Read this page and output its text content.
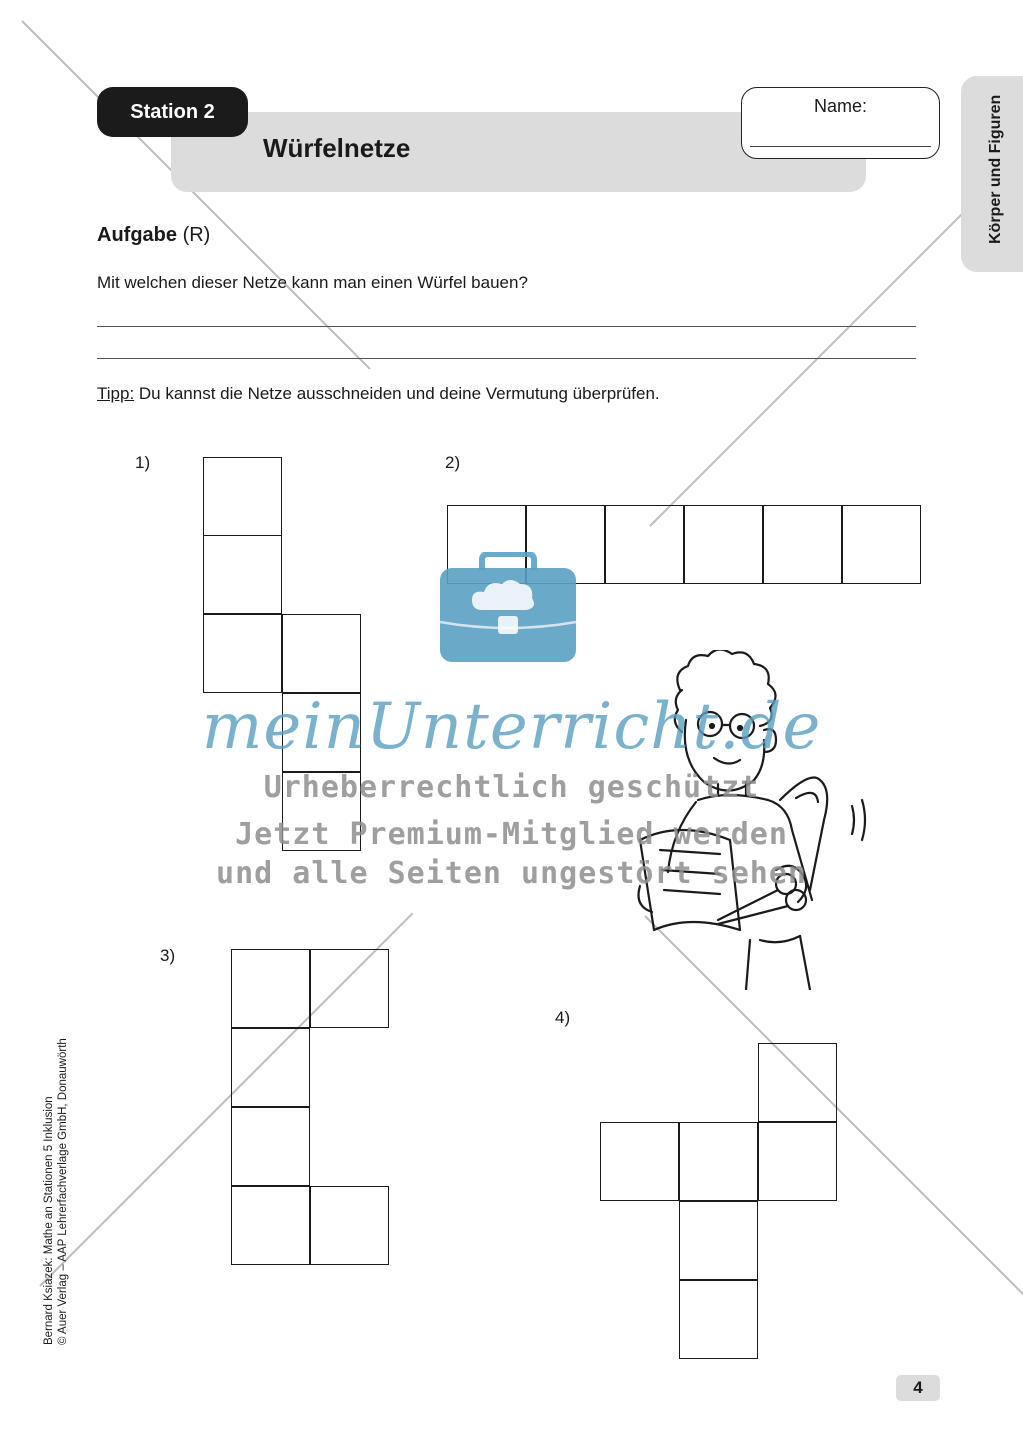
Station 2
Würfelnetze
Name:	Körper und Figuren
Aufgabe (R)
Mit welchen dieser Netze kann man einen Würfel bauen?
Tipp: Du kannst die Netze ausschneiden und deine Vermutung überprüfen.
1)	2)
3)
4)
meinUnterricht.de
Urheberrechtlich geschützt
Jetzt Premium-Mitglied werden
und alle Seiten ungestört sehen
Bernard Ksiazek: Mathe an Stationen 5 Inklusion © Auer Verlag – AAP Lehrerfachverlage GmbH, Donauwörth
4
